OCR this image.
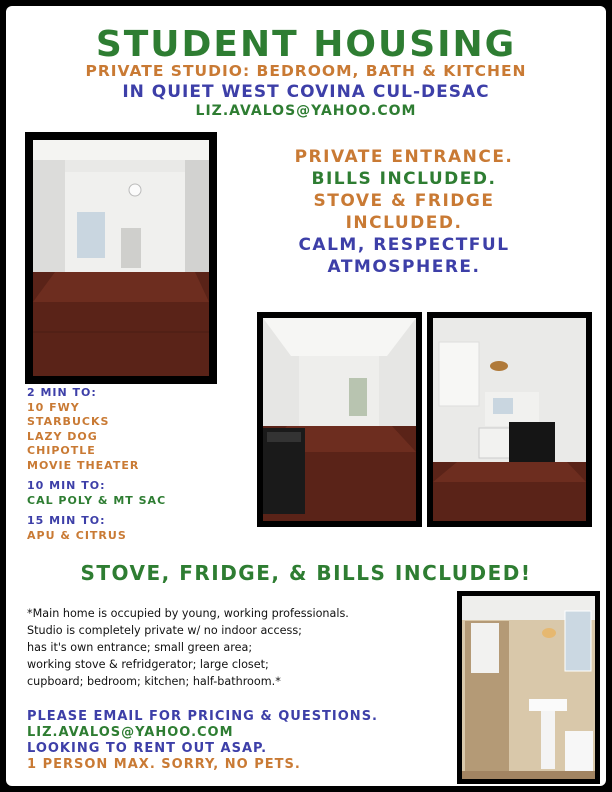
STUDENT HOUSING
PRIVATE STUDIO: BEDROOM, BATH & KITCHEN
IN QUIET WEST COVINA CUL-DESAC
LIZ.AVALOS@YAHOO.COM
PRIVATE ENTRANCE.
BILLS INCLUDED.
STOVE & FRIDGE
INCLUDED.
CALM, RESPECTFUL
ATMOSPHERE.
2 MIN TO:
10 FWY
STARBUCKS
LAZY DOG
CHIPOTLE
MOVIE THEATER
10 MIN TO:
CAL POLY & MT SAC
15 MIN TO:
APU & CITRUS
STOVE, FRIDGE, & BILLS INCLUDED!
*Main home is occupied by young, working professionals.
Studio is completely private w/ no indoor access;
has it's own entrance; small green area;
working stove & refridgerator; large closet;
cupboard; bedroom; kitchen; half-bathroom.*
PLEASE EMAIL FOR PRICING & QUESTIONS.
LIZ.AVALOS@YAHOO.COM
LOOKING TO RENT OUT ASAP.
1 PERSON MAX. SORRY, NO PETS.
